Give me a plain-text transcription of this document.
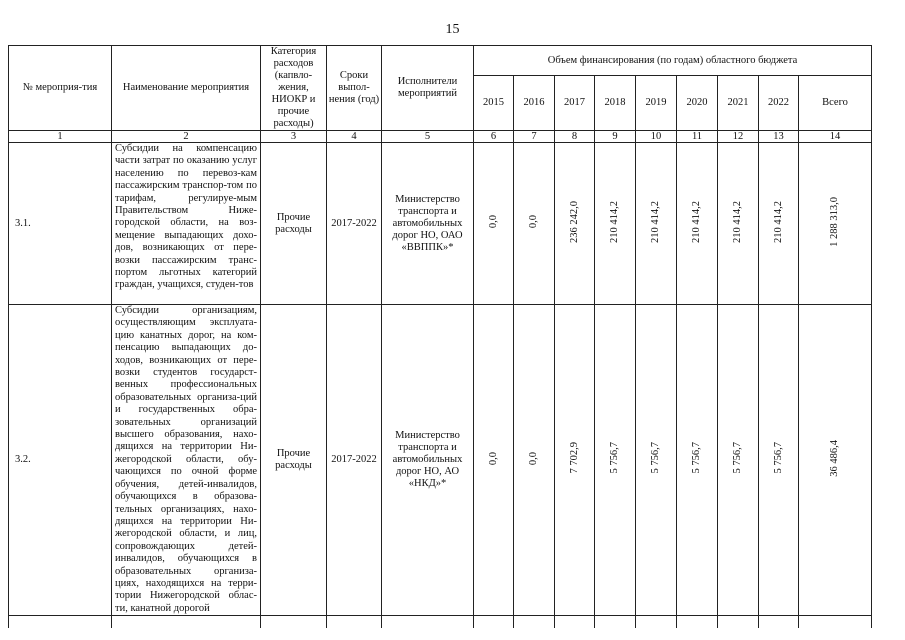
15
№ мероприя-тия	Наименование мероприятия	Категория расходов (капвло-жения, НИОКР и прочие расходы)	Сроки выпол-нения (год)	Исполнители мероприятий	Объем финансирования (по годам) областного бюджета								
					2015	2016	2017	2018	2019	2020	2021	2022	Всего
1	2	3	4	5	6	7	8	9	10	11	12	13	14
3.1.	Субсидии на компенсацию части затрат по оказанию услуг населению по перевоз-кам пассажирским транспор-том по тарифам, регулируе-мым Правительством Ниже-городской области, на воз-мещение выпадающих дохо-дов, возникающих от пере-возки пассажирским транс-портом льготных категорий граждан, учащихся, студен-тов	Прочие расходы	2017-2022	Министерство транспорта и автомобильных дорог НО, ОАО «ВВППК»*	0,0	0,0	236 242,0	210 414,2	210 414,2	210 414,2	210 414,2	210 414,2	1 288 313,0
3.2.	Субсидии организациям, осуществляющим эксплуата-цию канатных дорог, на ком-пенсацию выпадающих до-ходов, возникающих от пере-возки студентов государст-венных профессиональных образовательных организа-ций и государственных обра-зовательных организаций высшего образования, нахо-дящихся на территории Ни-жегородской области, обу-чающихся по очной форме обучения, детей-инвалидов, обучающихся в образова-тельных организациях, нахо-дящихся на территории Ни-жегородской области, и лиц, сопровождающих детей-инвалидов, обучающихся в образовательных организа-циях, находящихся на терри-тории Нижегородской облас-ти, канатной дорогой	Прочие расходы	2017-2022	Министерство транспорта и автомобильных дорог НО, АО «НКД»*	0,0	0,0	7 702,9	5 756,7	5 756,7	5 756,7	5 756,7	5 756,7	36 486,4
